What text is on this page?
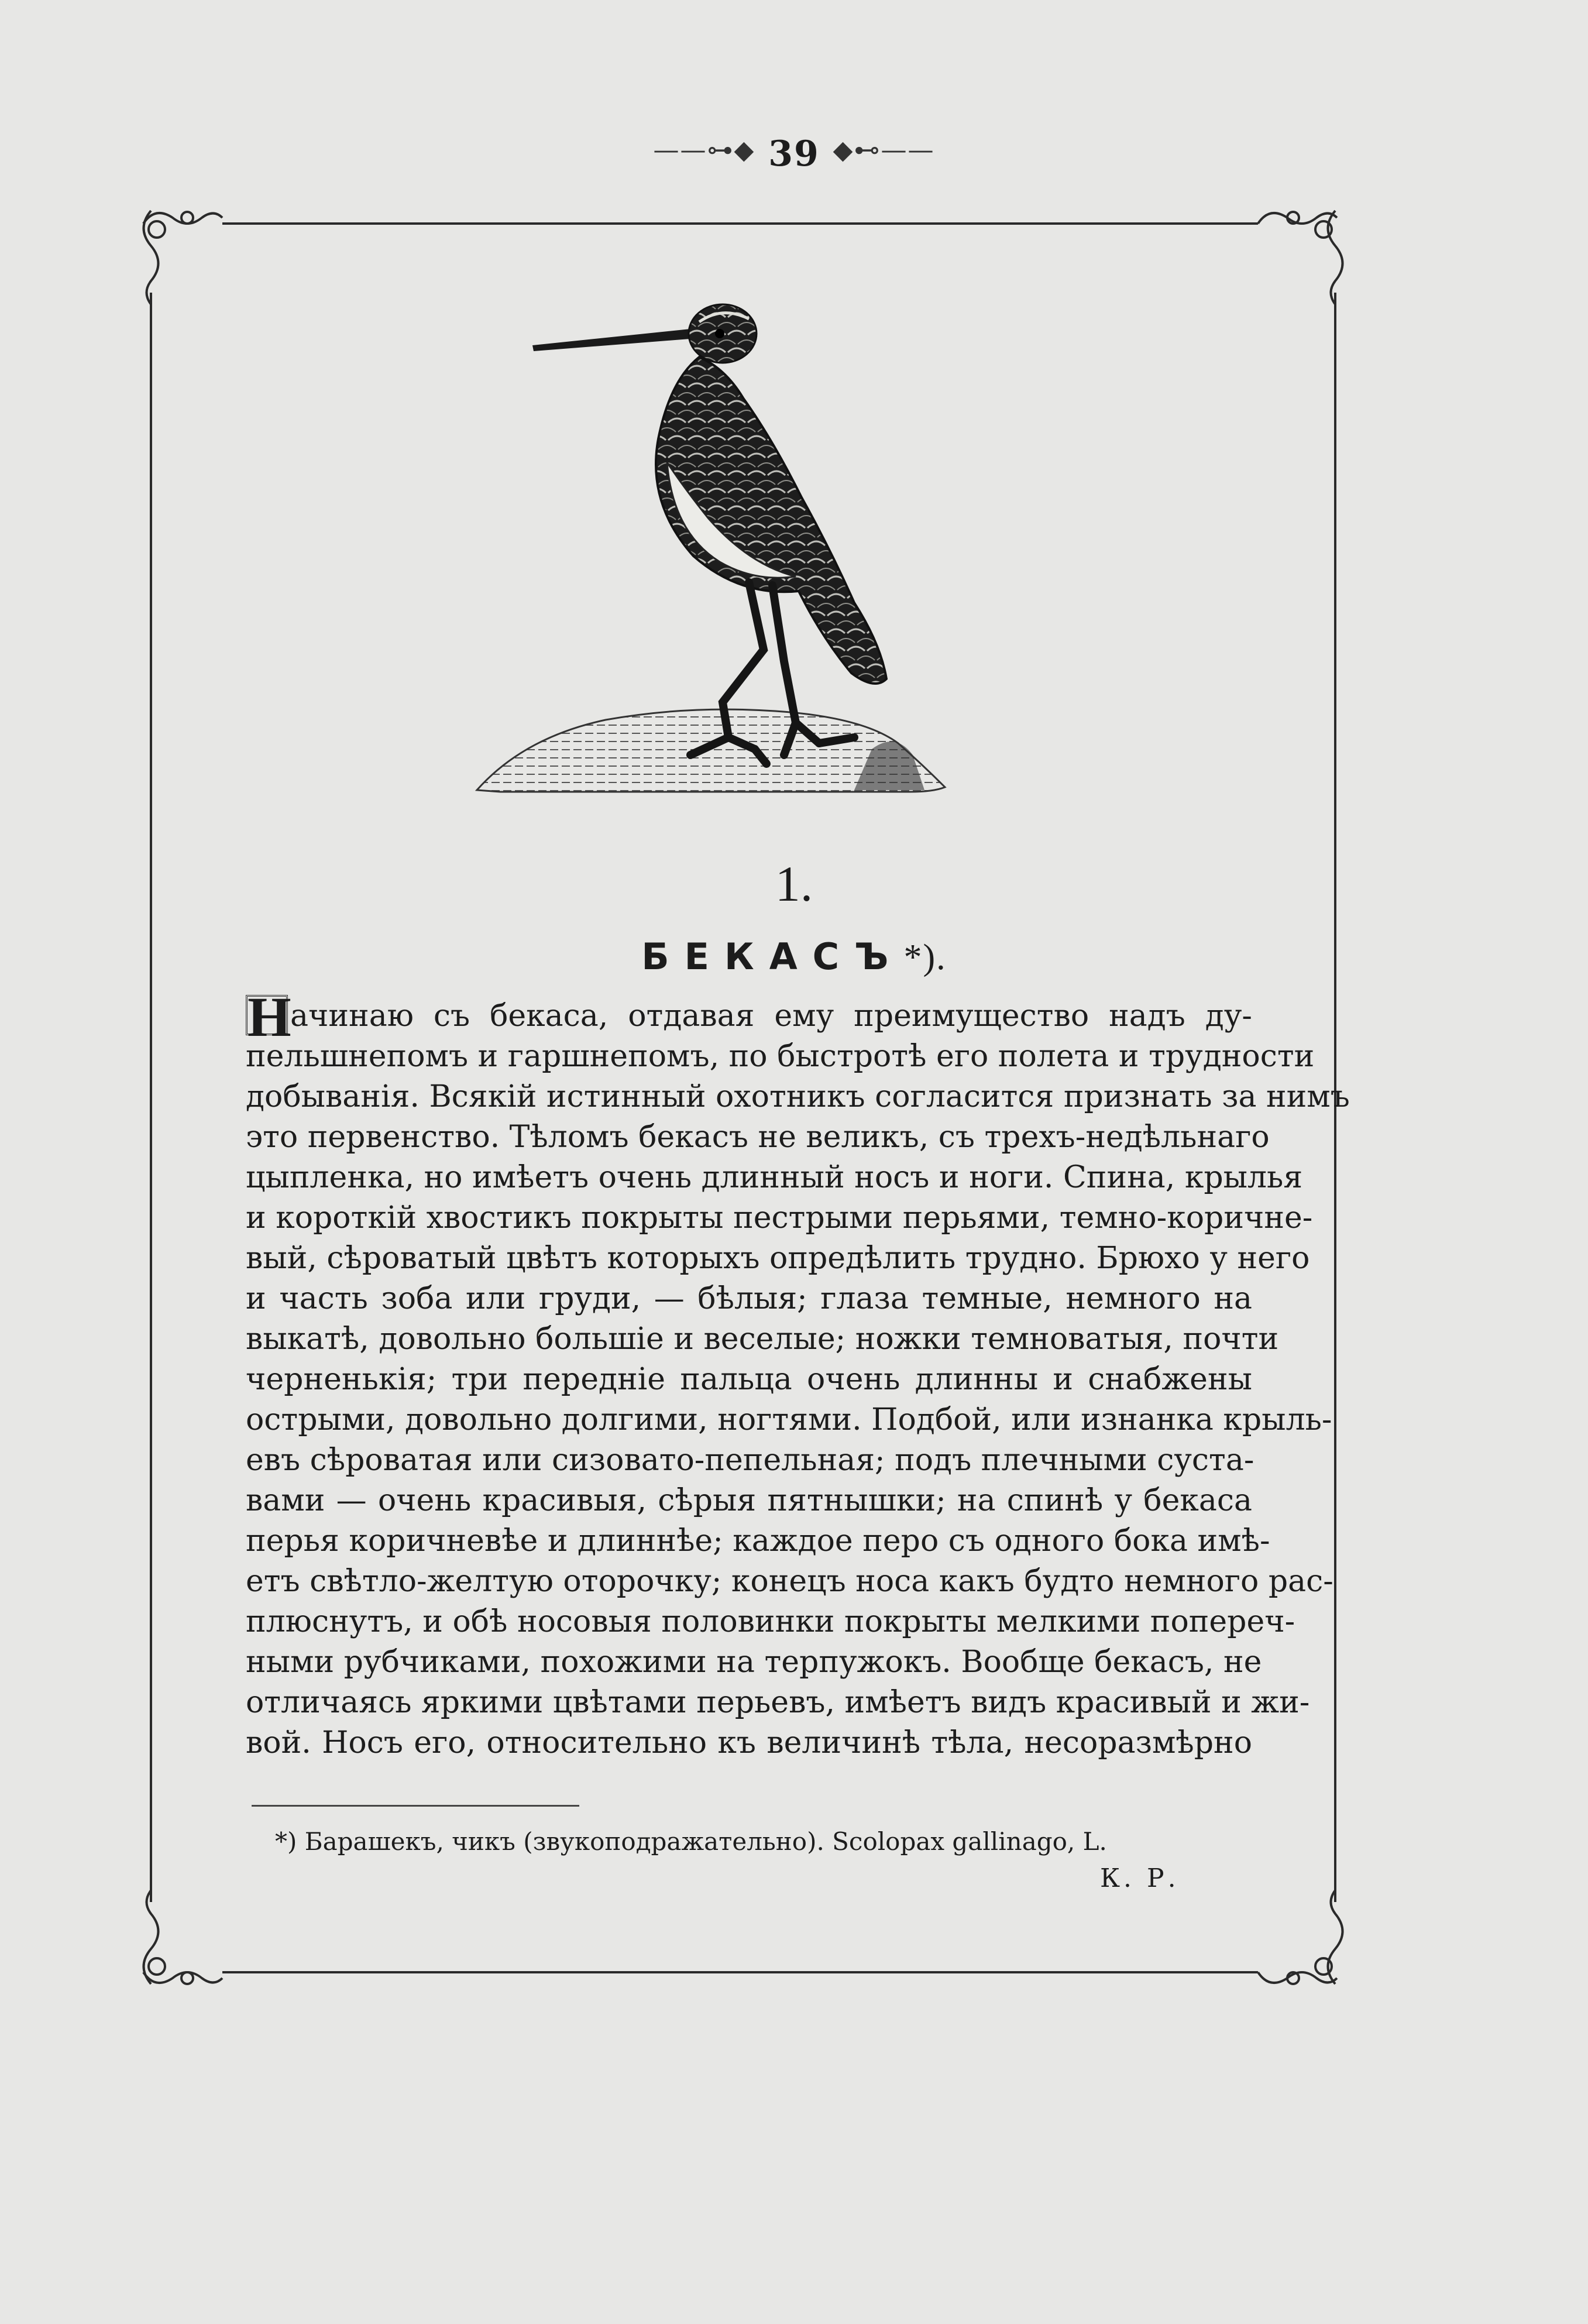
——⊶◆ 39 ◆⊷——
1.
БЕКАСЪ*).
Начинаю съ бекаса, отдавая ему преимущество надъ ду-
пельшнепомъ и гаршнепомъ, по быстротѣ его полета и трудности
добыванія. Всякій истинный охотникъ согласится признать за нимъ
это первенство. Тѣломъ бекасъ не великъ, съ трехъ-недѣльнаго
цыпленка, но имѣетъ очень длинный носъ и ноги. Спина, крылья
и короткій хвостикъ покрыты пестрыми перьями, темно-коричне-
вый, сѣроватый цвѣтъ которыхъ опредѣлить трудно. Брюхо у него
и часть зоба или груди, — бѣлыя; глаза темные, немного на
выкатѣ, довольно большіе и веселые; ножки темноватыя, почти
черненькія; три передніе пальца очень длинны и снабжены
острыми, довольно долгими, ногтями. Подбой, или изнанка крыль-
евъ сѣроватая или сизовато-пепельная; подъ плечными суста-
вами — очень красивыя, сѣрыя пятнышки; на спинѣ у бекаса
перья коричневѣе и длиннѣе; каждое перо съ одного бока имѣ-
етъ свѣтло-желтую оторочку; конецъ носа какъ будто немного рас-
плюснутъ, и обѣ носовыя половинки покрыты мелкими попереч-
ными рубчиками, похожими на терпужокъ. Вообще бекасъ, не
отличаясь яркими цвѣтами перьевъ, имѣетъ видъ красивый и жи-
вой. Носъ его, относительно къ величинѣ тѣла, несоразмѣрно
*) Барашекъ, чикъ (звукоподражательно). Scolopax gallinago, L.
К. Р.
